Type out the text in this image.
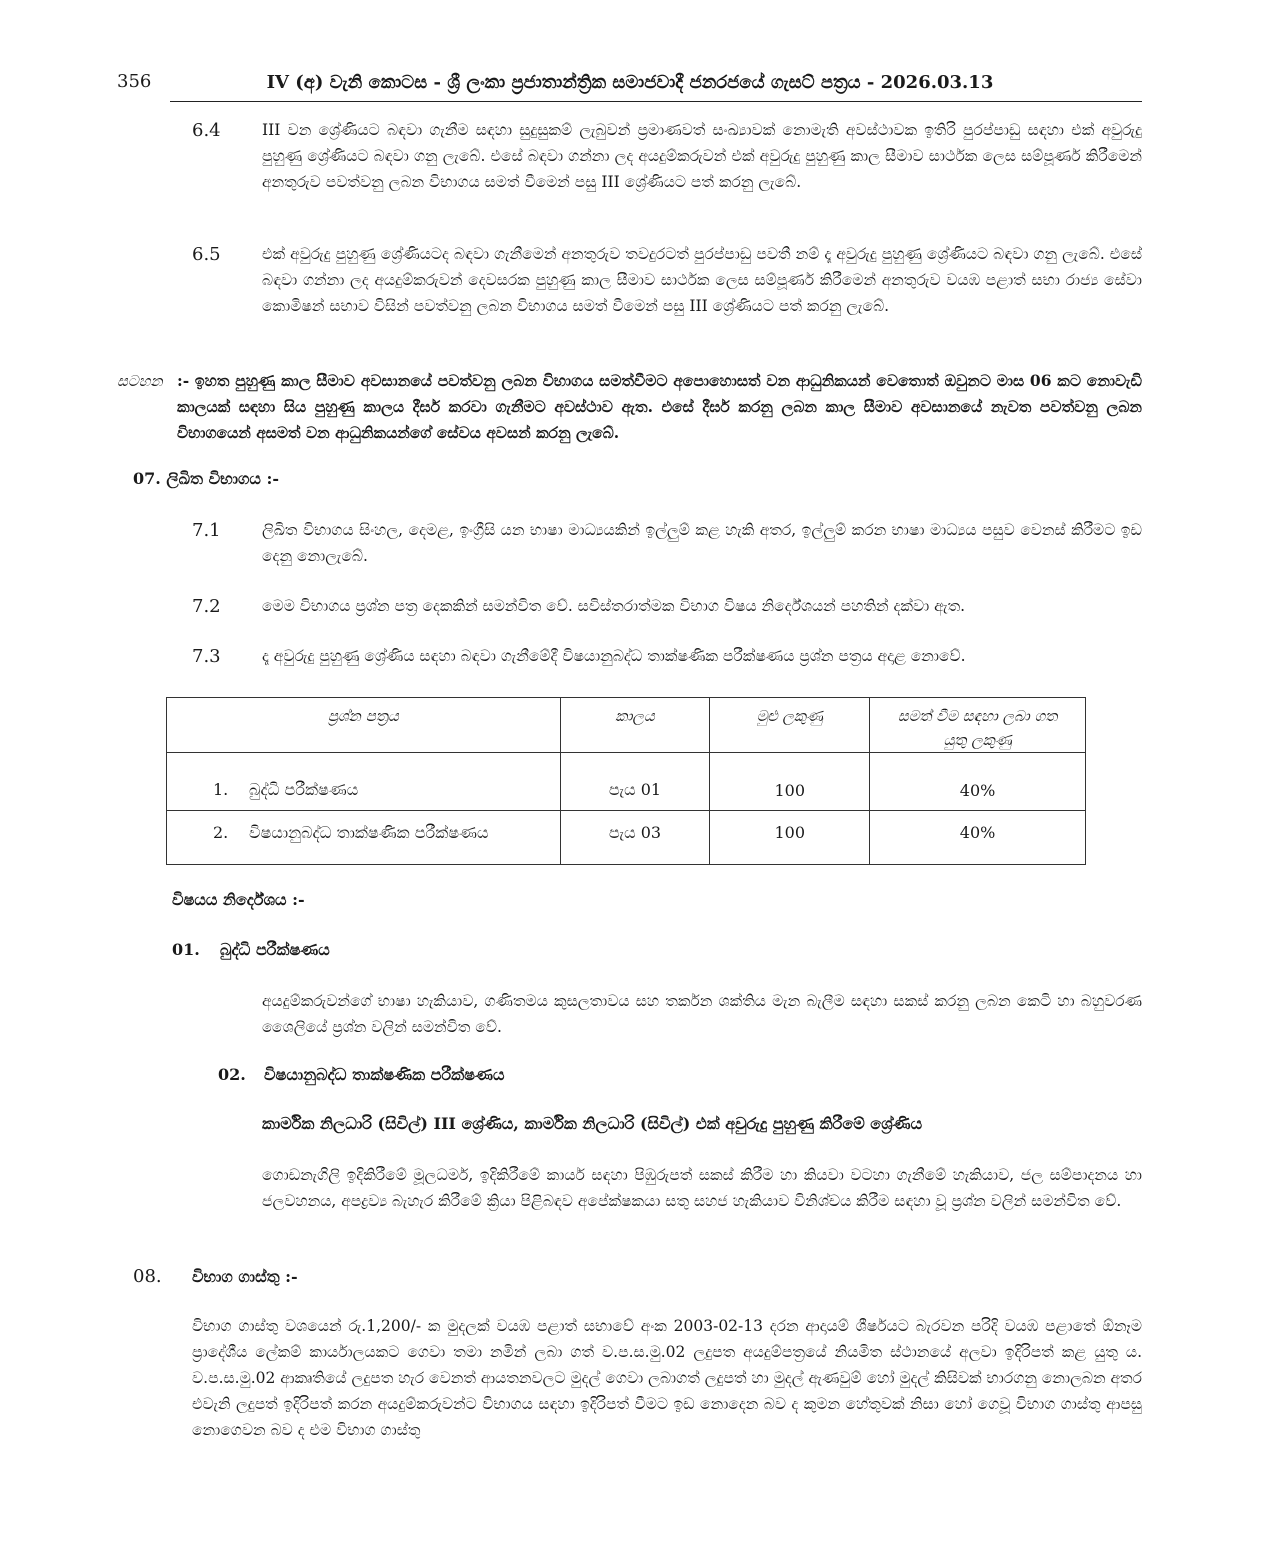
356	IV (අ) වැනි කොටස - ශ්‍රී ලංකා ප්‍රජාතාන්ත්‍රික සමාජවාදී ජනරජයේ ගැසට් පත්‍රය - 2026.03.13
6.4	III වන ශ්‍රේණියට බඳවා ගැනීම සඳහා සුදුසුකම් ලැබුවන් ප්‍රමාණවත් සංඛ්‍යාවක් නොමැති අවස්ථාවක ඉතිරි පුරප්පාඩු සඳහා එක් අවුරුදු පුහුණු ශ්‍රේණියට බඳවා ගනු ලැබේ. එසේ බඳවා ගන්නා ලද අයදුම්කරුවන් එක් අවුරුදු පුහුණු කාල සීමාව සාර්ථක ලෙස සම්පූර්ණ කිරීමෙන් අනතුරුව පවත්වනු ලබන විභාගය සමත් වීමෙන් පසු III ශ්‍රේණියට පත් කරනු ලැබේ.
6.5	එක් අවුරුදු පුහුණු ශ්‍රේණියටද බඳවා ගැනීමෙන් අනතුරුව තවදුරටත් පුරප්පාඩු පවතී නම් දෑ අවුරුදු පුහුණු ශ්‍රේණියට බඳවා ගනු ලැබේ. එසේ බඳවා ගන්නා ලද අයදුම්කරුවන් දෙවසරක පුහුණු කාල සීමාව සාර්ථක ලෙස සම්පූර්ණ කිරීමෙන් අනතුරුව වයඹ පළාත් සභා රාජ්‍ය සේවා කොමිෂන් සභාව විසින් පවත්වනු ලබන විභාගය සමත් වීමෙන් පසු III ශ්‍රේණියට පත් කරනු ලැබේ.
සටහන :- ඉහත පුහුණු කාල සීමාව අවසානයේ පවත්වනු ලබන විභාගය සමත්වීමට අපොහොසත් වන ආධුනිකයන් වෙතොත් ඔවුනට මාස 06 කට නොවැඩි කාලයක් සඳහා සිය පුහුණු කාලය දීර්ඝ කරවා ගැනීමට අවස්ථාව ඇත. එසේ දීර්ඝ කරනු ලබන කාල සීමාව අවසානයේ නැවත පවත්වනු ලබන විභාගයෙන් අසමත් වන ආධුනිකයන්ගේ සේවය අවසන් කරනු ලැබේ.
07. ලිඛිත විභාගය :-
7.1	ලිඛිත විභාගය සිංහල, දෙමළ, ඉංග්‍රීසි යන භාෂා මාධ්‍යයකින් ඉල්ලුම් කළ හැකි අතර, ඉල්ලුම් කරන භාෂා මාධ්‍යය පසුව වෙනස් කිරීමට ඉඩ දෙනු නොලැබේ.
7.2	මෙම විභාගය ප්‍රශ්න පත්‍ර දෙකකින් සමන්විත වේ. සවිස්තරාත්මක විභාග විෂය නිර්දේශයන් පහතින් දක්වා ඇත.
7.3	දෑ අවුරුදු පුහුණු ශ්‍රේණිය සඳහා බඳවා ගැනීමේදී විෂයානුබද්ධ තාක්ෂණික පරීක්ෂණය ප්‍රශ්න පත්‍රය අදාළ නොවේ.
ප්‍රශ්න පත්‍රය	කාලය	මුළු ලකුණු	සමත් වීම සඳහා ලබා ගත යුතු ලකුණු
1. බුද්ධි පරීක්ෂණය	පැය 01	100	40%
2. විෂයානුබද්ධ තාක්ෂණික පරීක්ෂණය	පැය 03	100	40%
විෂයය නිර්දේශය :-
01. බුද්ධි පරීක්ෂණය
අයදුම්කරුවන්ගේ භාෂා හැකියාව, ගණිතමය කුසලතාවය සහ තර්කන ශක්තිය මැන බැලීම සඳහා සකස් කරනු ලබන කෙටි හා බහුවරණ ශෛලියේ ප්‍රශ්න වලින් සමන්විත වේ.
02. විෂයානුබද්ධ තාක්ෂණික පරීක්ෂණය
කාර්මික නිලධාරි (සිවිල්) III ශ්‍රේණිය, කාර්මික නිලධාරි (සිවිල්) එක් අවුරුදු පුහුණු කිරීමේ ශ්‍රේණිය
ගොඩනැගිලි ඉදිකිරීමේ මූලධර්ම, ඉදිකිරීමේ කාර්ය සඳහා පිඹුරුපත් සකස් කිරීම හා කියවා වටහා ගැනීමේ හැකියාව, ජල සම්පාදනය හා ජලවහනය, අපද්‍රව්‍ය බැහැර කිරීමේ ක්‍රියා පිළිබඳව අපේක්ෂකයා සතු සහජ හැකියාව විනිශ්චය කිරීම සඳහා වූ ප්‍රශ්න වලින් සමන්විත වේ.
08. විභාග ගාස්තු :-
විභාග ගාස්තු වශයෙන් රු.1,200/- ක මුදලක් වයඹ පළාත් සභාවේ අංක 2003-02-13 දරන ආදායම් ශීර්ෂයට බැරවන පරිදි වයඹ පළාතේ ඕනෑම ප්‍රාදේශීය ලේකම් කාර්යාලයකට ගෙවා තමා නමින් ලබා ගත් ව.ප.ස.මු.02 ලදුපත අයදුම්පත්‍රයේ නියමිත ස්ථානයේ අලවා ඉදිරිපත් කළ යුතු ය. ව.ප.ස.මු.02 ආකෘතියේ ලදුපත හැර වෙනත් ආයතනවලට මුදල් ගෙවා ලබාගත් ලදුපත් හා මුදල් ඇණවුම් හෝ මුදල් කිසිවක් භාරගනු නොලබන අතර එවැනි ලදුපත් ඉදිරිපත් කරන අයදුම්කරුවන්ට විභාගය සඳහා ඉදිරිපත් වීමට ඉඩ නොදෙන බව ද කුමන හේතුවක් නිසා හෝ ගෙවූ විභාග ගාස්තු ආපසු නොගෙවන බව ද එම විභාග ගාස්තු
